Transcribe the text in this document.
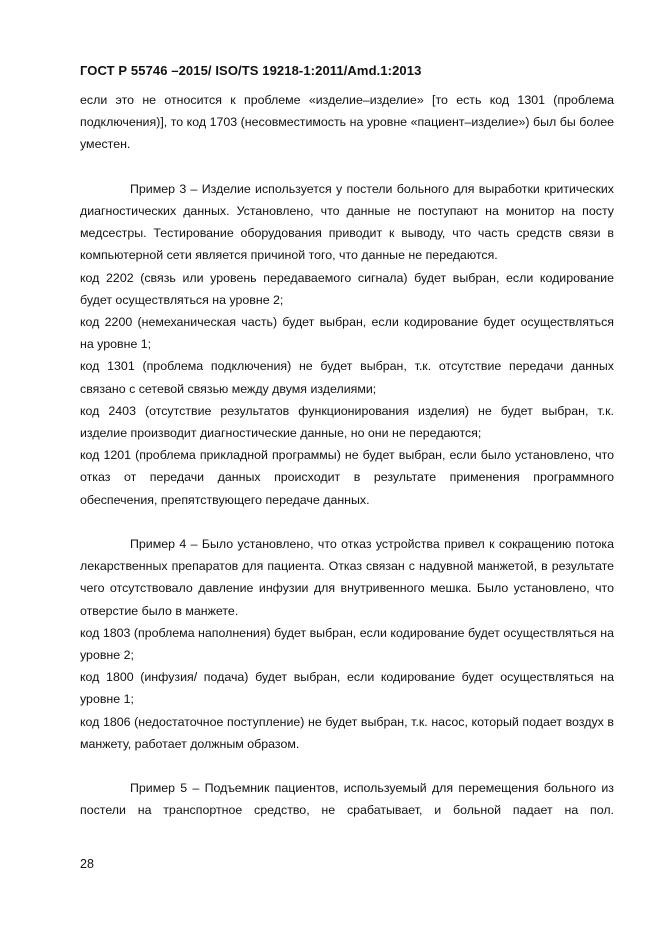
ГОСТ Р 55746 –2015/ ISO/TS 19218-1:2011/Amd.1:2013

если это не относится к проблеме «изделие–изделие» [то есть код 1301 (проблема подключения)], то код 1703 (несовместимость на уровне «пациент–изделие») был бы более уместен.

Пример 3 – Изделие используется у постели больного для выработки критических диагностических данных. Установлено, что данные не поступают на монитор на посту медсестры. Тестирование оборудования приводит к выводу, что часть средств связи в компьютерной сети является причиной того, что данные не передаются.

код 2202 (связь или уровень передаваемого сигнала) будет выбран, если кодирование будет осуществляться на уровне 2;

код 2200 (немеханическая часть) будет выбран, если кодирование будет осуществляться на уровне 1;

код 1301 (проблема подключения) не будет выбран, т.к. отсутствие передачи данных связано с сетевой связью между двумя изделиями;

код 2403 (отсутствие результатов функционирования изделия) не будет выбран, т.к. изделие производит диагностические данные, но они не передаются;

код 1201 (проблема прикладной программы) не будет выбран, если было установлено, что отказ от передачи данных происходит в результате применения программного обеспечения, препятствующего передаче данных.

Пример 4 – Было установлено, что отказ устройства привел к сокращению потока лекарственных препаратов для пациента. Отказ связан с надувной манжетой, в результате чего отсутствовало давление инфузии для внутривенного мешка. Было установлено, что отверстие было в манжете.

код 1803 (проблема наполнения) будет выбран, если кодирование будет осуществляться на уровне 2;

код 1800 (инфузия/ подача) будет выбран, если кодирование будет осуществляться на уровне 1;

код 1806 (недостаточное поступление) не будет выбран, т.к. насос, который подает воздух в манжету, работает должным образом.

Пример 5 – Подъемник пациентов, используемый для перемещения больного из постели на транспортное средство, не срабатывает, и больной падает на пол.

28
